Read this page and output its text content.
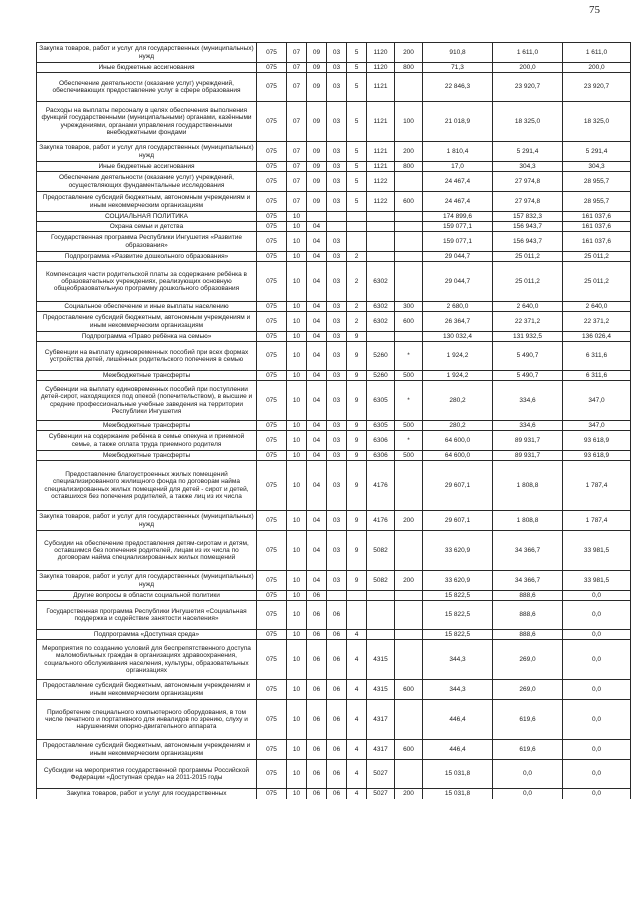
75
Закупка товаров, работ и услуг для государственных (муниципальных) нужд	075	07	09	03	5	1120	200	910,8	1 611,0	1 611,0
Иные бюджетные ассигнования	075	07	09	03	5	1120	800	71,3	200,0	200,0
Обеспечение деятельности (оказание услуг) учреждений, обеспечивающих предоставление услуг в сфере образования	075	07	09	03	5	1121		22 846,3	23 920,7	23 920,7
Расходы на выплаты персоналу в целях обеспечения выполнения функций государственными (муниципальными) органами, казёнными учреждениями, органами управления государственными внебюджетными фондами	075	07	09	03	5	1121	100	21 018,9	18 325,0	18 325,0
Закупка товаров, работ и услуг для государственных (муниципальных) нужд	075	07	09	03	5	1121	200	1 810,4	5 291,4	5 291,4
Иные бюджетные ассигнования	075	07	09	03	5	1121	800	17,0	304,3	304,3
Обеспечение деятельности (оказание услуг) учреждений, осуществляющих фундаментальные исследования	075	07	09	03	5	1122		24 467,4	27 974,8	28 955,7
Предоставление субсидий бюджетным, автономным учреждениям и иным некоммерческим организациям	075	07	09	03	5	1122	600	24 467,4	27 974,8	28 955,7
СОЦИАЛЬНАЯ ПОЛИТИКА	075	10						174 899,6	157 832,3	161 037,6
Охрана семьи и детства	075	10	04					159 077,1	156 943,7	161 037,6
Государственная программа Республики Ингушетия «Развитие образования»	075	10	04	03				159 077,1	156 943,7	161 037,6
Подпрограмма «Развитие дошкольного образования»	075	10	04	03	2			29 044,7	25 011,2	25 011,2
Компенсация части родительской платы за содержание ребёнка в образовательных учреждениях, реализующих основную общеобразовательную программу дошкольного образования	075	10	04	03	2	6302		29 044,7	25 011,2	25 011,2
Социальное обеспечение и иные выплаты населению	075	10	04	03	2	6302	300	2 680,0	2 640,0	2 640,0
Предоставление субсидий бюджетным, автономным учреждениям и иным некоммерческим организациям	075	10	04	03	2	6302	600	26 364,7	22 371,2	22 371,2
Подпрограмма «Право ребёнка на семью»	075	10	04	03	9			130 032,4	131 932,5	136 026,4
Субвенции на выплату единовременных пособий при всех формах устройства детей, лишённых родительского попечения в семью	075	10	04	03	9	5260	*	1 924,2	5 490,7	6 311,6
Межбюджетные трансферты	075	10	04	03	9	5260	500	1 924,2	5 490,7	6 311,6
Субвенции на выплату единовременных пособий при поступлении детей-сирот, находящихся под опекой (попечительством), в высшие и средние профессиональные учебные заведения на территории Республики Ингушетия	075	10	04	03	9	6305	*	280,2	334,6	347,0
Межбюджетные трансферты	075	10	04	03	9	6305	500	280,2	334,6	347,0
Субвенции на содержание ребёнка в семье опекуна и приемной семье, а также оплата труда приемного родителя	075	10	04	03	9	6306	*	64 600,0	89 931,7	93 618,9
Межбюджетные трансферты	075	10	04	03	9	6306	500	64 600,0	89 931,7	93 618,9
Предоставление благоустроенных жилых помещений специализированного жилищного фонда по договорам найма специализированных жилых помещений для детей - сирот и детей, оставшихся без попечения родителей, а также лиц из их числа	075	10	04	03	9	4176		29 607,1	1 808,8	1 787,4
Закупка товаров, работ и услуг для государственных (муниципальных) нужд	075	10	04	03	9	4176	200	29 607,1	1 808,8	1 787,4
Субсидии на обеспечение предоставления детям-сиротам и детям, оставшимся без попечения родителей, лицам из их числа по договорам найма специализированных жилых помещений	075	10	04	03	9	5082		33 620,9	34 366,7	33 981,5
Закупка товаров, работ и услуг для государственных (муниципальных) нужд	075	10	04	03	9	5082	200	33 620,9	34 366,7	33 981,5
Другие вопросы в области социальной политики	075	10	06					15 822,5	888,6	0,0
Государственная программа Республики Ингушетия «Социальная поддержка и содействие занятости населения»	075	10	06	06				15 822,5	888,6	0,0
Подпрограмма «Доступная среда»	075	10	06	06	4			15 822,5	888,6	0,0
Мероприятия по созданию условий для беспрепятственного доступа маломобильных граждан в организациях здравоохранения, социального обслуживания населения, культуры, образовательных организациях	075	10	06	06	4	4315		344,3	269,0	0,0
Предоставление субсидий бюджетным, автономным учреждениям и иным некоммерческим организациям	075	10	06	06	4	4315	600	344,3	269,0	0,0
Приобретение специального компьютерного оборудования, в том числе печатного и портативного для инвалидов по зрению, слуху и нарушениями опорно-двигательного аппарата	075	10	06	06	4	4317		446,4	619,6	0,0
Предоставление субсидий бюджетным, автономным учреждениям и иным некоммерческим организациям	075	10	06	06	4	4317	600	446,4	619,6	0,0
Субсидии на мероприятия государственной программы Российской Федерации «Доступная среда» на 2011-2015 годы	075	10	06	06	4	5027		15 031,8	0,0	0,0
Закупка товаров, работ и услуг для государственных	075	10	06	06	4	5027	200	15 031,8	0,0	0,0
